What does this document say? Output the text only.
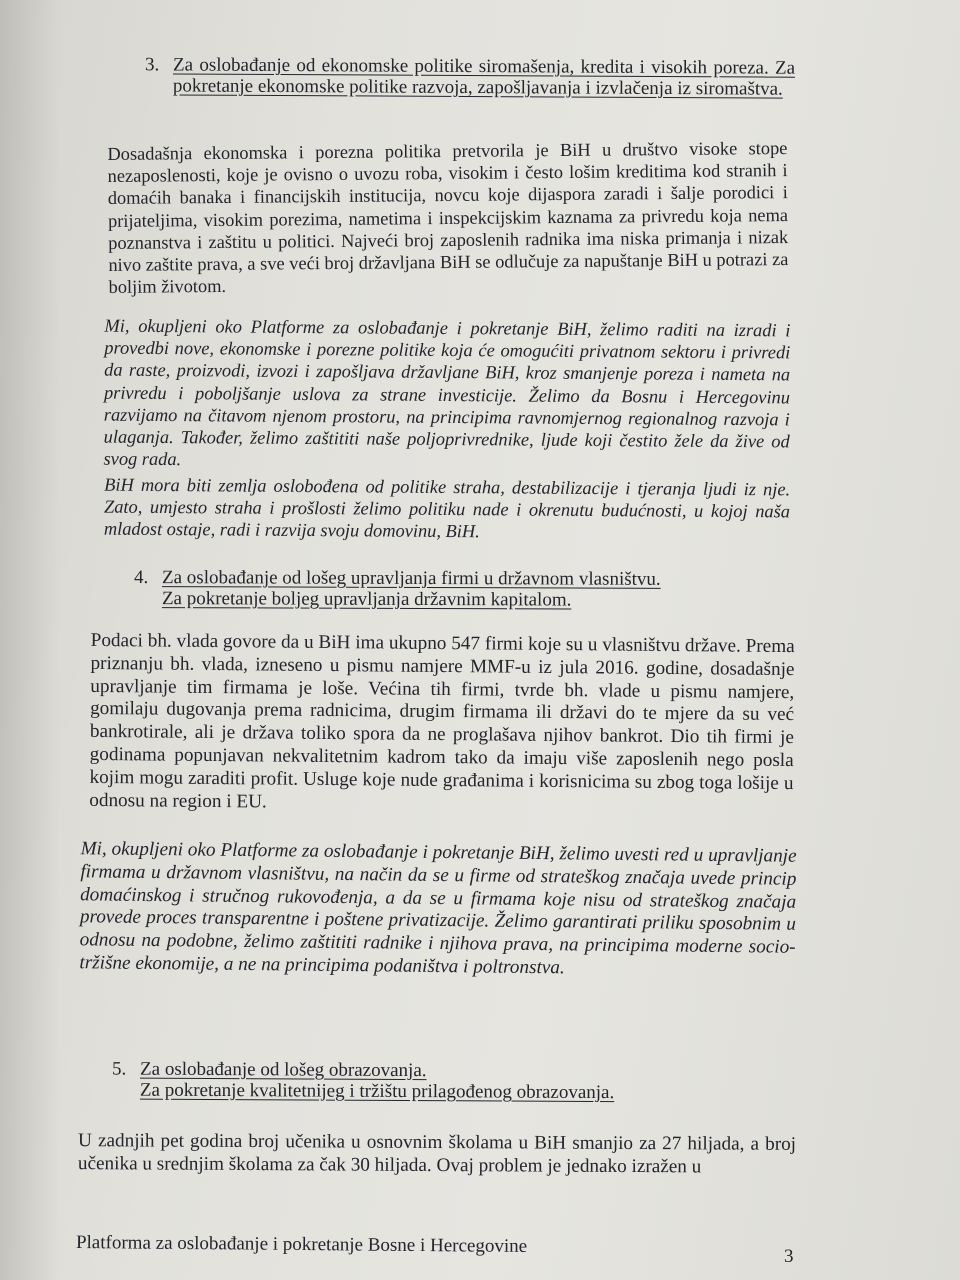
3. Za oslobađanje od ekonomske politike siromašenja, kredita i visokih poreza. Za pokretanje ekonomske politike razvoja, zapošljavanja i izvlačenja iz siromaštva.
Dosadašnja ekonomska i porezna politika pretvorila je BiH u društvo visoke stope nezaposlenosti, koje je ovisno o uvozu roba, visokim i često lošim kreditima kod stranih i domaćih banaka i financijskih institucija, novcu koje dijaspora zaradi i šalje porodici i prijateljima, visokim porezima, nametima i inspekcijskim kaznama za privredu koja nema poznanstva i zaštitu u politici. Najveći broj zaposlenih radnika ima niska primanja i nizak nivo zaštite prava, a sve veći broj državljana BiH se odlučuje za napuštanje BiH u potrazi za boljim životom.
Mi, okupljeni oko Platforme za oslobađanje i pokretanje BiH, želimo raditi na izradi i provedbi nove, ekonomske i porezne politike koja će omogućiti privatnom sektoru i privredi da raste, proizvodi, izvozi i zapošljava državljane BiH, kroz smanjenje poreza i nameta na privredu i poboljšanje uslova za strane investicije. Želimo da Bosnu i Hercegovinu razvijamo na čitavom njenom prostoru, na principima ravnomjernog regionalnog razvoja i ulaganja. Također, želimo zaštititi naše poljoprivrednike, ljude koji čestito žele da žive od svog rada.
BiH mora biti zemlja oslobođena od politike straha, destabilizacije i tjeranja ljudi iz nje. Zato, umjesto straha i prošlosti želimo politiku nade i okrenutu budućnosti, u kojoj naša mladost ostaje, radi i razvija svoju domovinu, BiH.
4. Za oslobađanje od lošeg upravljanja firmi u državnom vlasništvu.
Za pokretanje boljeg upravljanja državnim kapitalom.
Podaci bh. vlada govore da u BiH ima ukupno 547 firmi koje su u vlasništvu države. Prema priznanju bh. vlada, izneseno u pismu namjere MMF-u iz jula 2016. godine, dosadašnje upravljanje tim firmama je loše. Većina tih firmi, tvrde bh. vlade u pismu namjere, gomilaju dugovanja prema radnicima, drugim firmama ili državi do te mjere da su već bankrotirale, ali je država toliko spora da ne proglašava njihov bankrot. Dio tih firmi je godinama popunjavan nekvalitetnim kadrom tako da imaju više zaposlenih nego posla kojim mogu zaraditi profit. Usluge koje nude građanima i korisnicima su zbog toga lošije u odnosu na region i EU.
Mi, okupljeni oko Platforme za oslobađanje i pokretanje BiH, želimo uvesti red u upravljanje firmama u državnom vlasništvu, na način da se u firme od strateškog značaja uvede princip domaćinskog i stručnog rukovođenja, a da se u firmama koje nisu od strateškog značaja provede proces transparentne i poštene privatizacije. Želimo garantirati priliku sposobnim u odnosu na podobne, želimo zaštititi radnike i njihova prava, na principima moderne socio-tržišne ekonomije, a ne na principima podaništva i poltronstva.
5. Za oslobađanje od lošeg obrazovanja.
Za pokretanje kvalitetnijeg i tržištu prilagođenog obrazovanja.
U zadnjih pet godina broj učenika u osnovnim školama u BiH smanjio za 27 hiljada, a broj učenika u srednjim školama za čak 30 hiljada. Ovaj problem je jednako izražen u
Platforma za oslobađanje i pokretanje Bosne i Hercegovine	3
